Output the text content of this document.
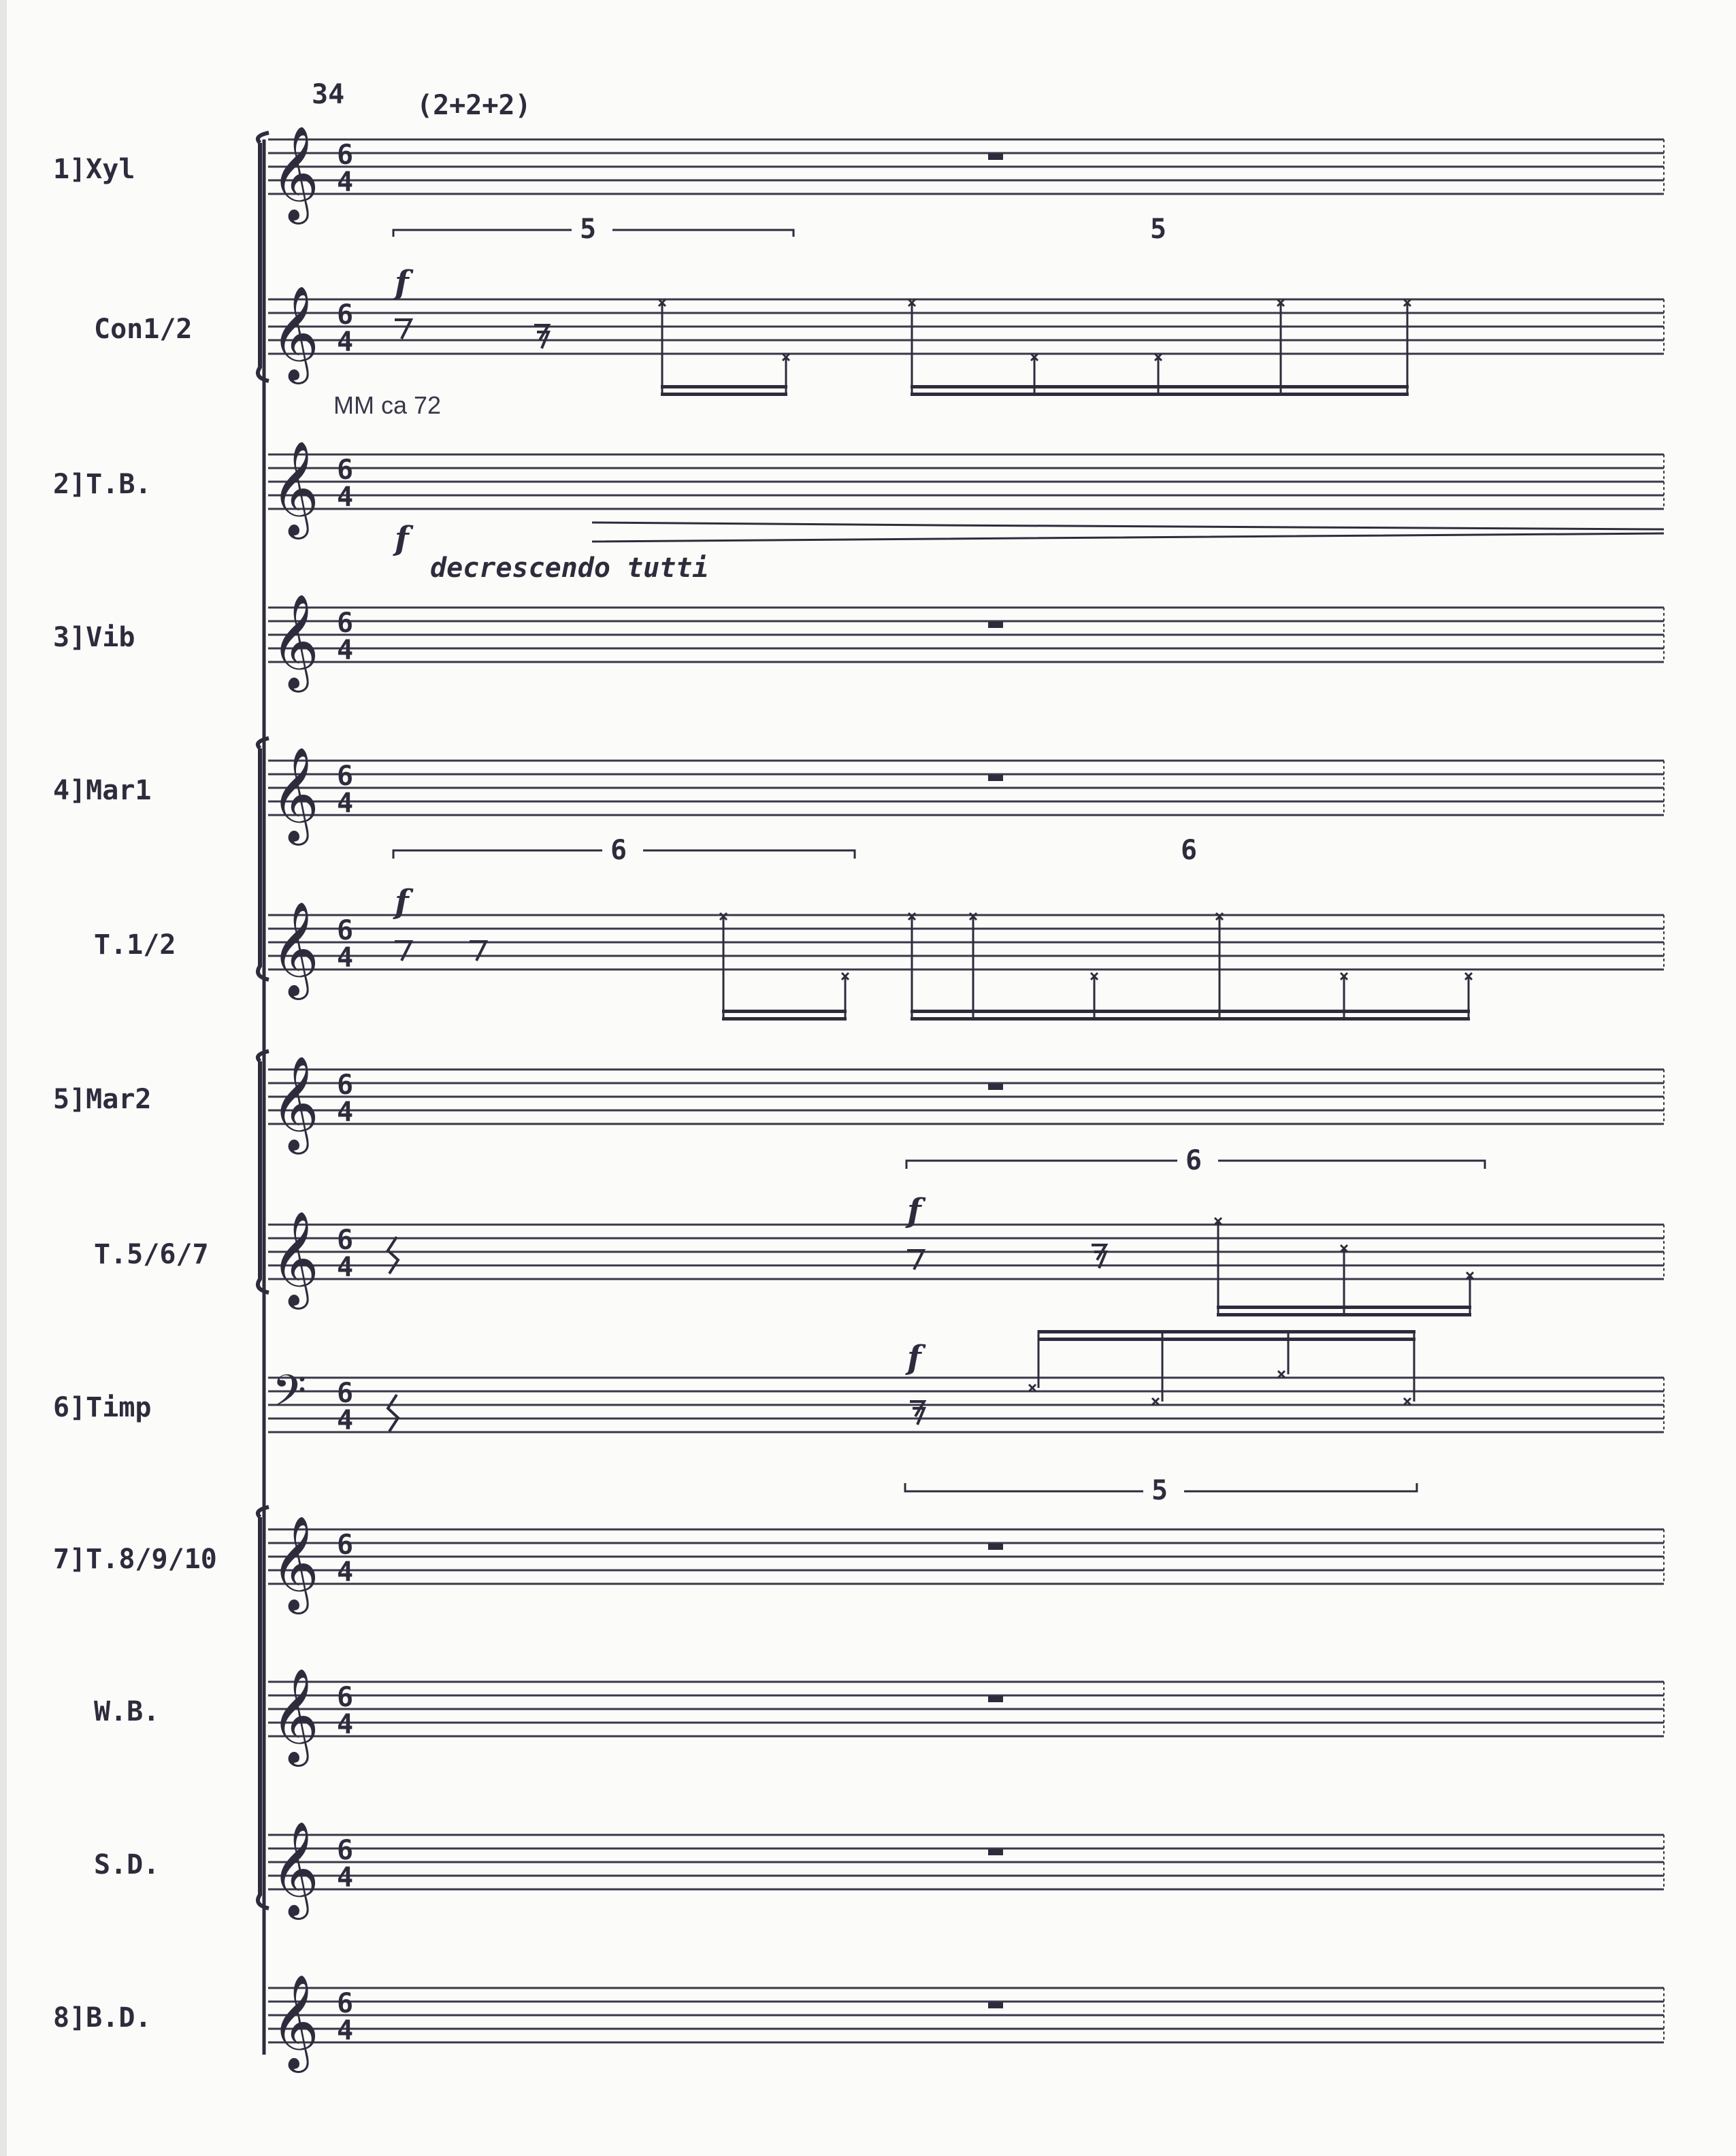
34	(2+2+2)
1]Xyl 𝄞 6
4
Con1/2 𝄞 6
4
2]T.B. 𝄞 6
4
3]Vib 𝄞 6
4
4]Mar1 𝄞 6
4
T.1/2 𝄞 6
4
5]Mar2 𝄞 6
4
T.5/6/7 𝄞 6
4
6]Timp 𝄢 6
4
7]T.8/9/10 𝄞 6
4
W.B. 𝄞 6
4
S.D. 𝄞 6
4
8]B.D. 𝄞 6
4
5	5
f
MM ca 72
f
decrescendo tutti
6	6
f
6
f
f
5
